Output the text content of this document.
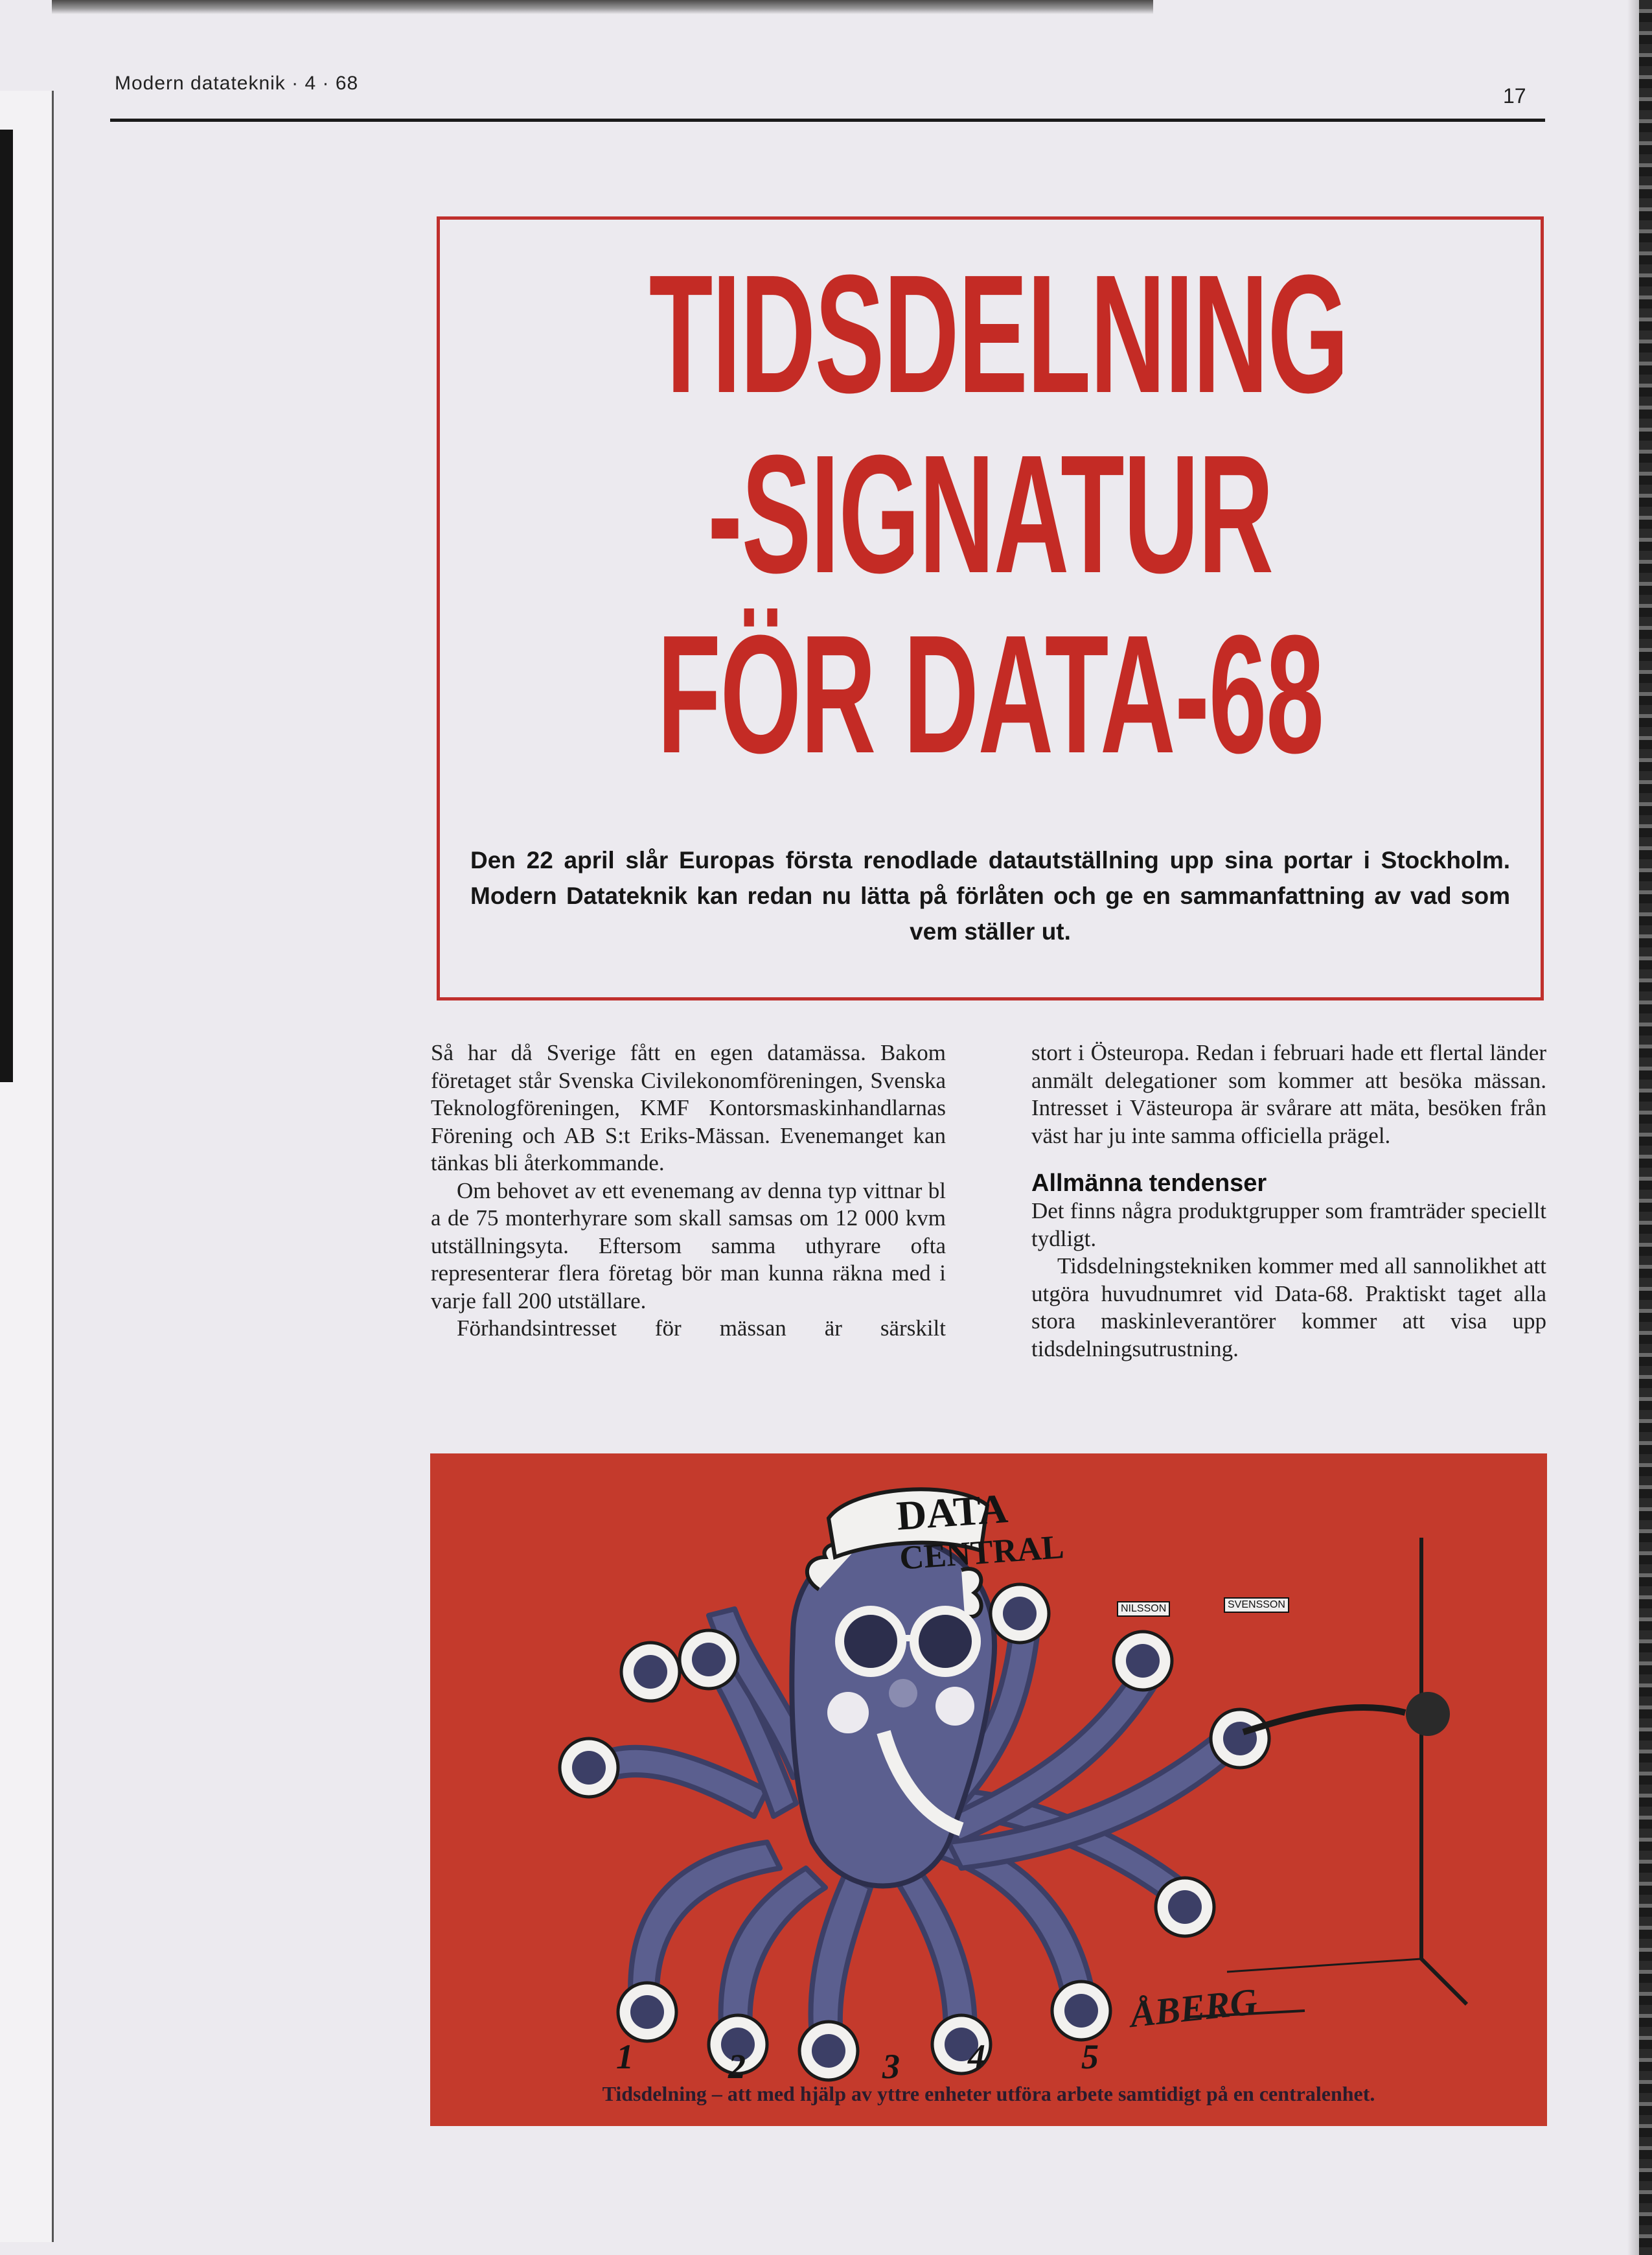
Modern datateknik · 4 · 68
17
TIDSDELNING
-SIGNATUR
FÖR DATA-68

Den 22 april slår Europas första renodlade datautställning upp sina portar i Stockholm. Modern Datateknik kan redan nu lätta på förlåten och ge en sammanfattning av vad som vem ställer ut.

Så har då Sverige fått en egen datamässa. Bakom företaget står Svenska Civilekonomföreningen, Svenska Teknologföreningen, KMF Kontorsmaskinhandlarnas Förening och AB S:t Eriks-Mässan. Evenemanget kan tänkas bli återkommande.

Om behovet av ett evenemang av denna typ vittnar bl a de 75 monterhyrare som skall samsas om 12 000 kvm utställningsyta. Eftersom samma uthyrare ofta representerar flera företag bör man kunna räkna med i varje fall 200 utställare.

Förhandsintresset för mässan är särskilt

stort i Östeuropa. Redan i februari hade ett flertal länder anmält delegationer som kommer att besöka mässan. Intresset i Västeuropa är svårare att mäta, besöken från väst har ju inte samma officiella prägel.

Allmänna tendenser

Det finns några produktgrupper som framträder speciellt tydligt.

Tidsdelningstekniken kommer med all sannolikhet att utgöra huvudnumret vid Data-68. Praktiskt taget alla stora maskinleverantörer kommer att visa upp tidsdelningsutrustning.

DATA
CENTRAL
NILSSON	SVENSSON
1	2	3 4	5
ÅBERG
Tidsdelning – att med hjälp av yttre enheter utföra arbete samtidigt på en centralenhet.
